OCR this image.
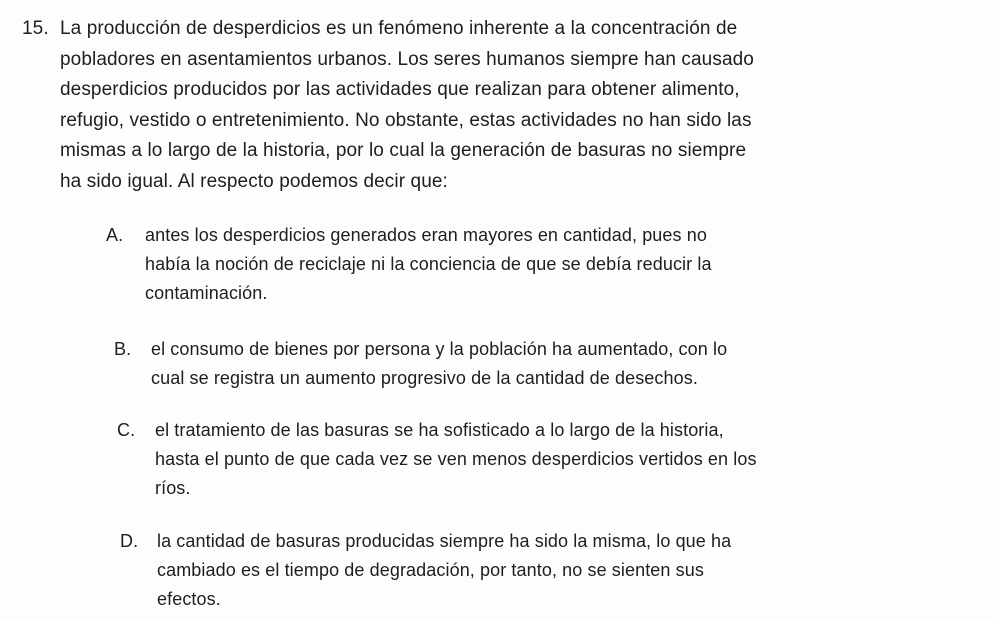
15. La producción de desperdicios es un fenómeno inherente a la concentración de
pobladores en asentamientos urbanos. Los seres humanos siempre han causado
desperdicios producidos por las actividades que realizan para obtener alimento,
refugio, vestido o entretenimiento. No obstante, estas actividades no han sido las
mismas a lo largo de la historia, por lo cual la generación de basuras no siempre
ha sido igual. Al respecto podemos decir que:
A. antes los desperdicios generados eran mayores en cantidad, pues no
había la noción de reciclaje ni la conciencia de que se debía reducir la
contaminación.
B. el consumo de bienes por persona y la población ha aumentado, con lo
cual se registra un aumento progresivo de la cantidad de desechos.
C. el tratamiento de las basuras se ha sofisticado a lo largo de la historia,
hasta el punto de que cada vez se ven menos desperdicios vertidos en los
ríos.
D. la cantidad de basuras producidas siempre ha sido la misma, lo que ha
cambiado es el tiempo de degradación, por tanto, no se sienten sus
efectos.
